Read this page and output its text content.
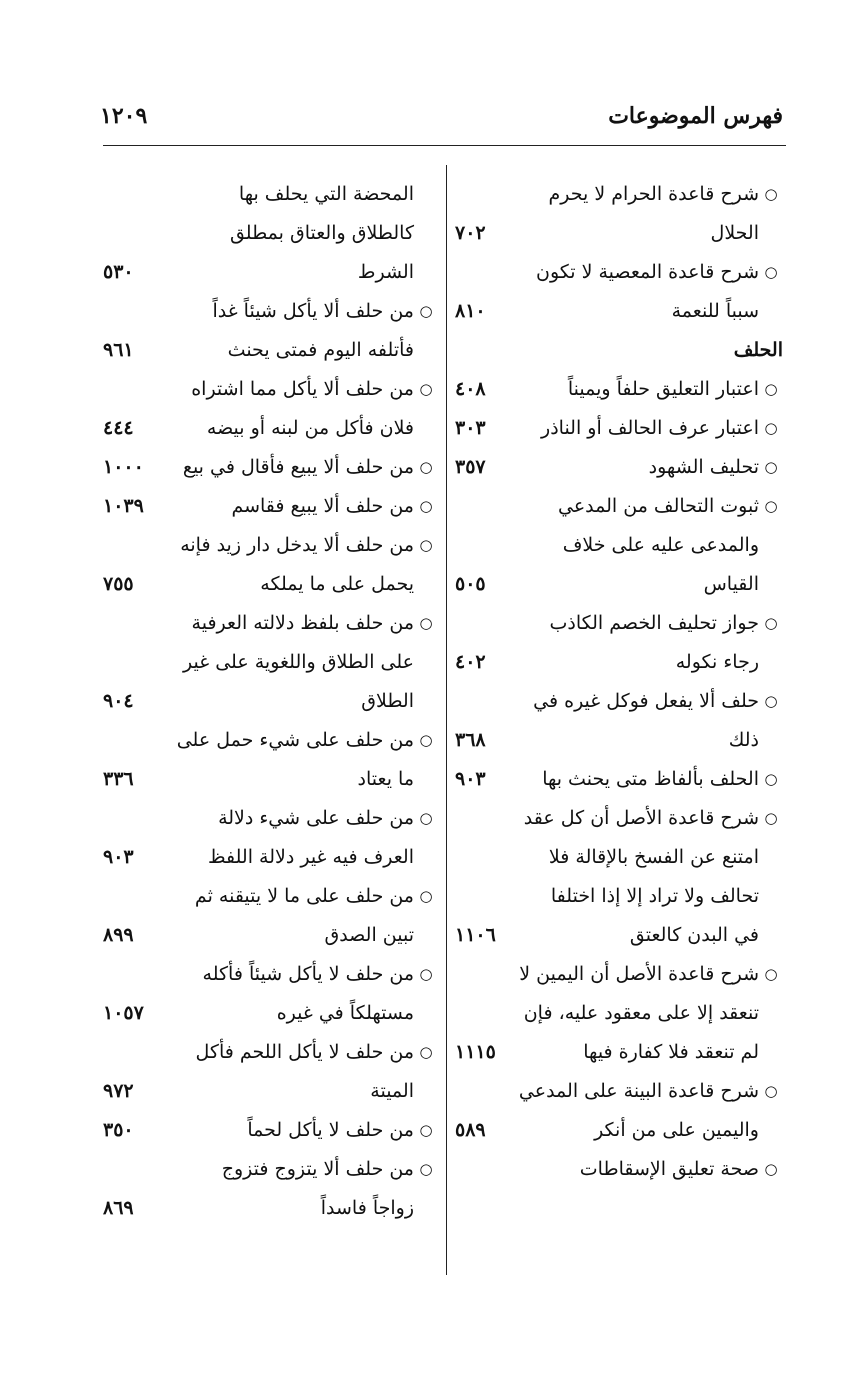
فهرس الموضوعات
١٢٠٩
○
شرح قاعدة الحرام لا يحرم
الحلال
٧٠٢
○
شرح قاعدة المعصية لا تكون
سبباً للنعمة
٨١٠
الحلف
○
اعتبار التعليق حلفاً ويميناً
٤٠٨
○
اعتبار عرف الحالف أو الناذر
٣٠٣
○
تحليف الشهود
٣٥٧
○
ثبوت التحالف من المدعي
والمدعى عليه على خلاف
القياس
٥٠٥
○
جواز تحليف الخصم الكاذب
رجاء نكوله
٤٠٢
○
حلف ألا يفعل فوكل غيره في
ذلك
٣٦٨
○
الحلف بألفاظ متى يحنث بها
٩٠٣
○
شرح قاعدة الأصل أن كل عقد
امتنع عن الفسخ بالإقالة فلا
تحالف ولا تراد إلا إذا اختلفا
في البدن كالعتق
١١٠٦
○
شرح قاعدة الأصل أن اليمين لا
تنعقد إلا على معقود عليه، فإن
لم تنعقد فلا كفارة فيها
١١١٥
○
شرح قاعدة البينة على المدعي
واليمين على من أنكر
٥٨٩
○
صحة تعليق الإسقاطات
المحضة التي يحلف بها
كالطلاق والعتاق بمطلق
الشرط
٥٣٠
○
من حلف ألا يأكل شيئاً غداً
فأتلفه اليوم فمتى يحنث
٩٦١
○
من حلف ألا يأكل مما اشتراه
فلان فأكل من لبنه أو بيضه
٤٤٤
○
من حلف ألا يبيع فأقال في بيع
١٠٠٠
○
من حلف ألا يبيع فقاسم
١٠٣٩
○
من حلف ألا يدخل دار زيد فإنه
يحمل على ما يملكه
٧٥٥
○
من حلف بلفظ دلالته العرفية
على الطلاق واللغوية على غير
الطلاق
٩٠٤
○
من حلف على شيء حمل على
ما يعتاد
٣٣٦
○
من حلف على شيء دلالة
العرف فيه غير دلالة اللفظ
٩٠٣
○
من حلف على ما لا يتيقنه ثم
تبين الصدق
٨٩٩
○
من حلف لا يأكل شيئاً فأكله
مستهلكاً في غيره
١٠٥٧
○
من حلف لا يأكل اللحم فأكل
الميتة
٩٧٢
○
من حلف لا يأكل لحماً
٣٥٠
○
من حلف ألا يتزوج فتزوج
زواجاً فاسداً
٨٦٩
